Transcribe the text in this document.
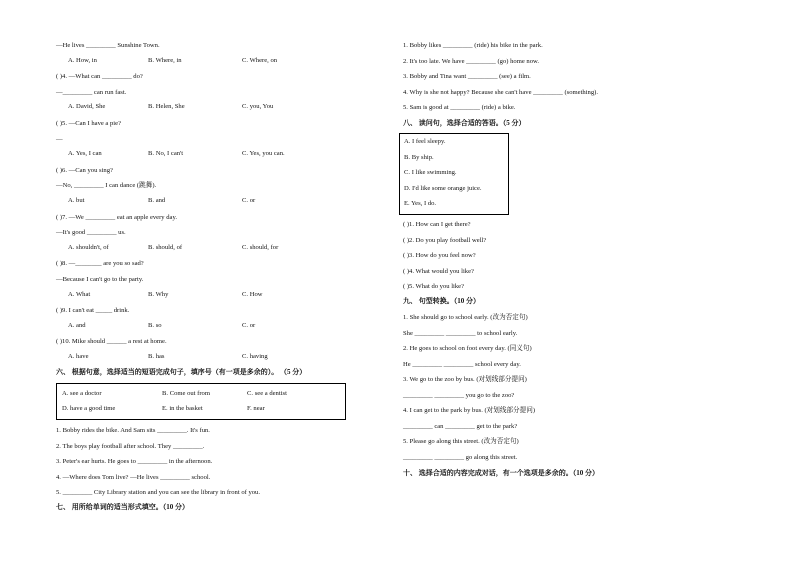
—He lives _________ Sunshine Town.
A. How, in	B. Where, in	C. Where, on
( )4. —What can _________ do?
—_________ can run fast.
A. David, She	B. Helen, She	C. you, You
( )5. —Can I have a pie?
—
A. Yes, I can	B. No, I can't	C. Yes, you can.
( )6. —Can you sing?
—No, _________ I can dance (跳舞).
A. but	B. and	C. or
( )7. —We _________ eat an apple every day.
—It's good _________ us.
A. shouldn't, of	B. should, of	C. should, for
( )8. —________ are you so sad?
—Because I can't go to the party.
A. What	B. Why	C. How
( )9. I can't eat _____ drink.
A. and	B. so	C. or
( )10. Mike should ______ a rest at home.
A. have	B. has	C. having
六、 根据句意，选择适当的短语完成句子，填序号（有一项是多余的）。 （5 分）
A. see a doctor	B. Come out from	C. see a dentist
D. have a good time	E. in the basket	F. near
1. Bobby rides the bike. And Sam sits _________. It's fun.
2. The boys play football after school. They _________.
3. Peter's ear hurts. He goes to _________ in the afternoon.
4. —Where does Tom live? —He lives _________ school.
5. _________ City Library station and you can see the library in front of you.
七、 用所给单词的适当形式填空。（10 分）
1. Bobby likes _________ (ride) his bike in the park.
2. It's too late. We have _________ (go) home now.
3. Bobby and Tina want _________ (see) a film.
4. Why is she not happy? Because she can't have _________ (something).
5. Sam is good at _________ (ride) a bike.
八、 读问句，选择合适的答语。（5 分）
A. I feel sleepy.
B. By ship.
C. I like swimming.
D. I'd like some orange juice.
E. Yes, I do.
( )1. How can I get there?
( )2. Do you play football well?
( )3. How do you feel now?
( )4. What would you like?
( )5. What do you like?
九、 句型转换。（10 分）
1. She should go to school early. (改为否定句)
She _________ _________ to school early.
2. He goes to school on foot every day. (同义句)
He _________ _________ school every day.
3. We go to the zoo by bus. (对划线部分提问)
_________ _________ you go to the zoo?
4. I can get to the park by bus. (对划线部分提问)
_________ can _________ get to the park?
5. Please go along this street. (改为否定句)
_________ _________ go along this street.
十、 选择合适的内容完成对话，有一个选项是多余的。（10 分）
